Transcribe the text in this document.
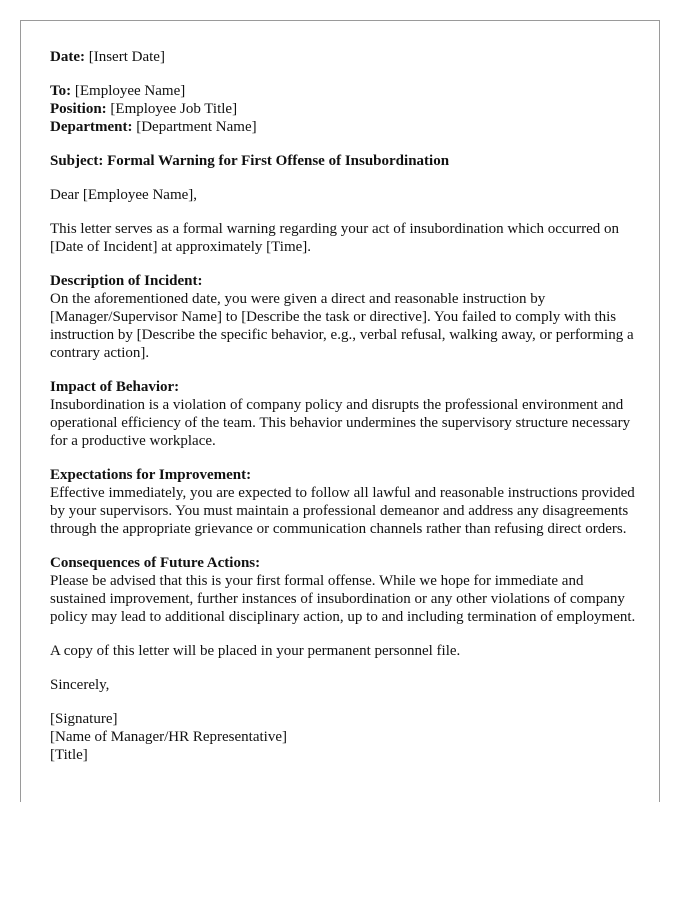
Date: [Insert Date]

To: [Employee Name]
Position: [Employee Job Title]
Department: [Department Name]

Subject: Formal Warning for First Offense of Insubordination

Dear [Employee Name],

This letter serves as a formal warning regarding your act of insubordination which occurred on [Date of Incident] at approximately [Time].

Description of Incident:
On the aforementioned date, you were given a direct and reasonable instruction by [Manager/Supervisor Name] to [Describe the task or directive]. You failed to comply with this instruction by [Describe the specific behavior, e.g., verbal refusal, walking away, or performing a contrary action].

Impact of Behavior:
Insubordination is a violation of company policy and disrupts the professional environment and operational efficiency of the team. This behavior undermines the supervisory structure necessary for a productive workplace.

Expectations for Improvement:
Effective immediately, you are expected to follow all lawful and reasonable instructions provided by your supervisors. You must maintain a professional demeanor and address any disagreements through the appropriate grievance or communication channels rather than refusing direct orders.

Consequences of Future Actions:
Please be advised that this is your first formal offense. While we hope for immediate and sustained improvement, further instances of insubordination or any other violations of company policy may lead to additional disciplinary action, up to and including termination of employment.

A copy of this letter will be placed in your permanent personnel file.

Sincerely,

[Signature]
[Name of Manager/HR Representative]
[Title]
